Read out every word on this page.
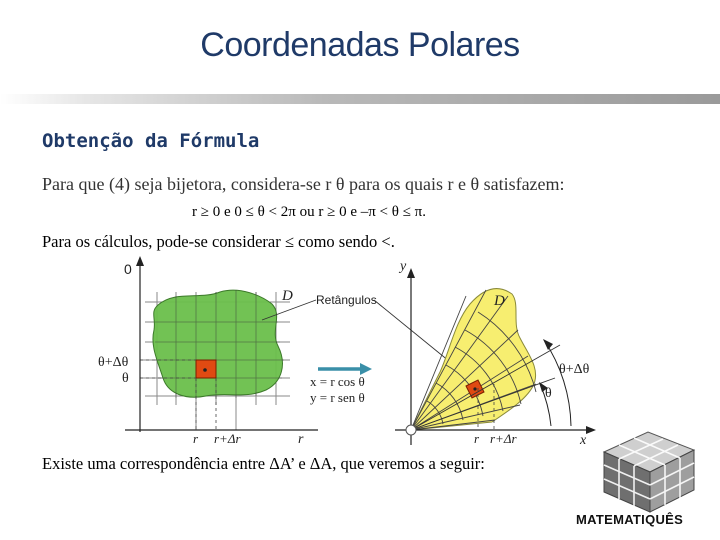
Coordenadas Polares
Obtenção da Fórmula
Para que (4) seja bijetora, considera-se r θ para os quais r e θ satisfazem:
r ≥ 0 e 0 ≤ θ < 2π ou r ≥ 0 e –π < θ ≤ π.
Para os cálculos, pode-se considerar ≤ como sendo <.
0
D
θ+Δθ
θ
r r+Δr	r
Retângulos
x = r cos θ
y = r sen θ
y
x
D
θ+Δθ
θ
r r+Δr
Existe uma correspondência entre ΔA’ e ΔA, que veremos a seguir:
MATEMATIQUÊS
